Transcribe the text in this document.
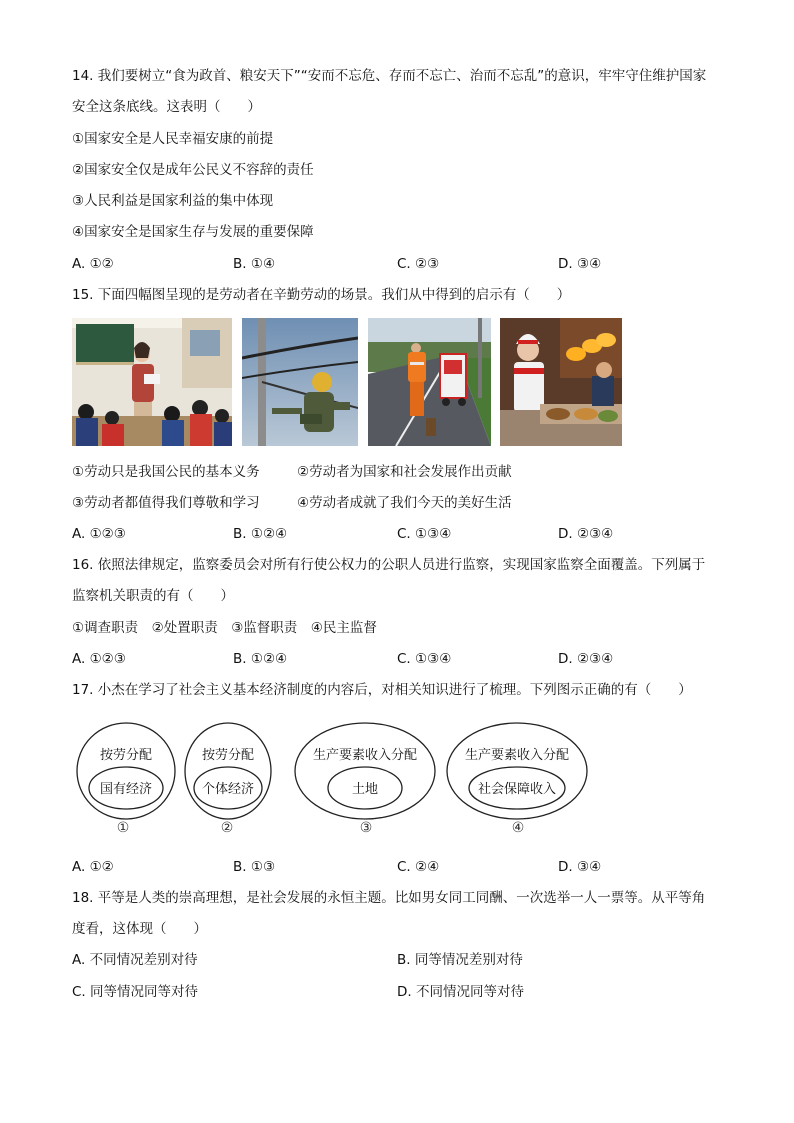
14. 我们要树立“食为政首、粮安天下”“安而不忘危、存而不忘亡、治而不忘乱”的意识，牢牢守住维护国家
安全这条底线。这表明（　　）
①国家安全是人民幸福安康的前提
②国家安全仅是成年公民义不容辞的责任
③人民利益是国家利益的集中体现
④国家安全是国家生存与发展的重要保障
A. ①②	B. ①④	C. ②③	D. ③④
15. 下面四幅图呈现的是劳动者在辛勤劳动的场景。我们从中得到的启示有（　　）
①劳动只是我国公民的基本义务	②劳动者为国家和社会发展作出贡献
③劳动者都值得我们尊敬和学习	④劳动者成就了我们今天的美好生活
A. ①②③	B. ①②④	C. ①③④	D. ②③④
16. 依照法律规定，监察委员会对所有行使公权力的公职人员进行监察，实现国家监察全面覆盖。下列属于
监察机关职责的有（　　）
①调查职责　②处置职责　③监督职责　④民主监督
A. ①②③	B. ①②④	C. ①③④	D. ②③④
17. 小杰在学习了社会主义基本经济制度的内容后，对相关知识进行了梳理。下列图示正确的有（　　）
按劳分配
国有经济
①
按劳分配
个体经济
②
生产要素收入分配
土地
③
生产要素收入分配
社会保障收入
④
A. ①②	B. ①③	C. ②④	D. ③④
18. 平等是人类的崇高理想，是社会发展的永恒主题。比如男女同工同酬、一次选举一人一票等。从平等角
度看，这体现（　　）
A. 不同情况差别对待	B. 同等情况差别对待
C. 同等情况同等对待	D. 不同情况同等对待
